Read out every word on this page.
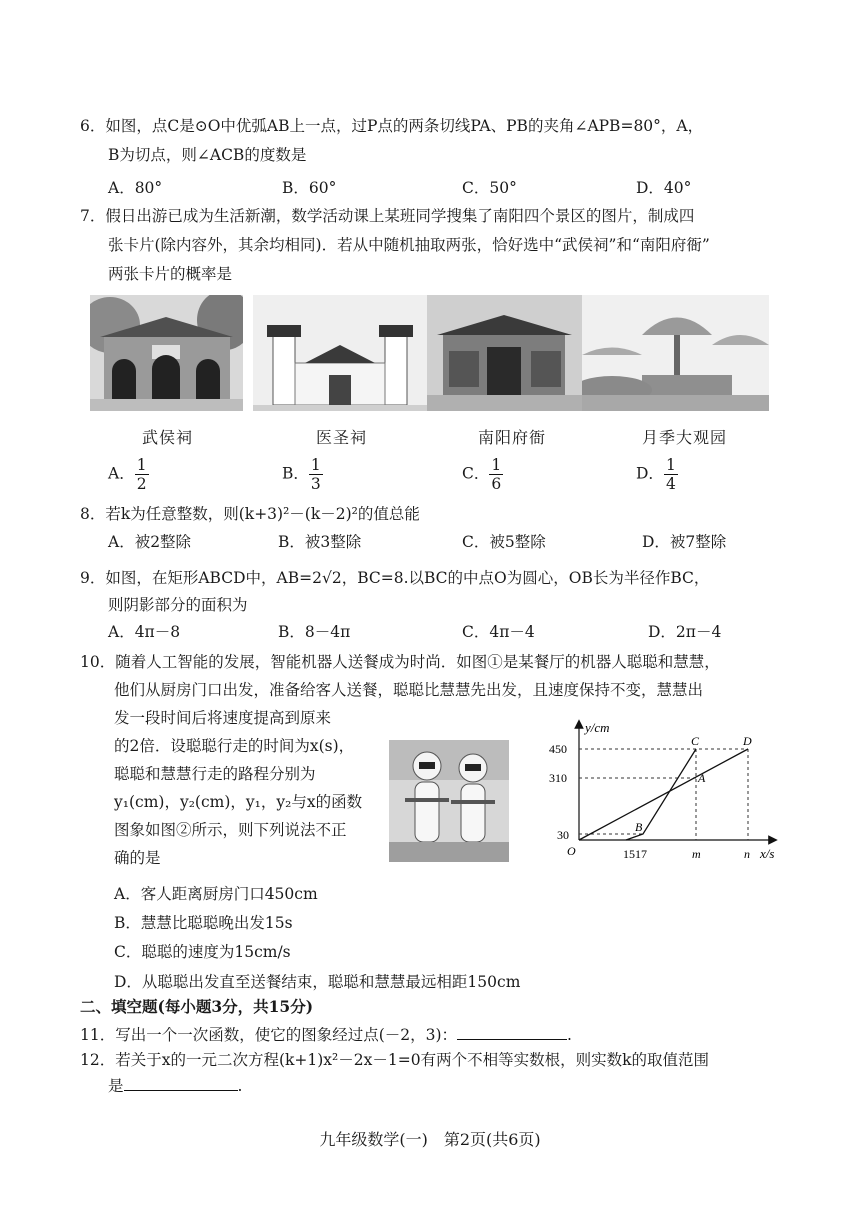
6．如图，点C是⊙O中优弧AB上一点，过P点的两条切线PA、PB的夹角∠APB=80°，A，
B为切点，则∠ACB的度数是
A．80°	B．60°	C．50°	D．40°
7．假日出游已成为生活新潮，数学活动课上某班同学搜集了南阳四个景区的图片，制成四
张卡片(除内容外，其余均相同)．若从中随机抽取两张，恰好选中“武侯祠”和“南阳府衙”
两张卡片的概率是
武侯祠	医圣祠	南阳府衙	月季大观园
A． $\frac{1}{2}$	B． $\frac{1}{3}$	C． $\frac{1}{6}$	D． $\frac{1}{4}$
8．若k为任意整数，则(k+3)²－(k－2)²的值总能
A．被2整除	B．被3整除	C．被5整除	D．被7整除
9．如图，在矩形ABCD中，AB=2√2，BC=8.以BC的中点O为圆心，OB长为半径作BC，
则阴影部分的面积为
A．4π－8	B．8－4π	C．4π－4	D．2π－4
10．随着人工智能的发展，智能机器人送餐成为时尚．如图①是某餐厅的机器人聪聪和慧慧，
他们从厨房门口出发，准备给客人送餐，聪聪比慧慧先出发，且速度保持不变，慧慧出
发一段时间后将速度提高到原来
的2倍．设聪聪行走的时间为x(s)，
聪聪和慧慧行走的路程分别为
y₁(cm)，y₂(cm)，y₁，y₂与x的函数
图象如图②所示，则下列说法不正
确的是
y/cm
x/s
450
310
30
O	1517	m	n
A
B
C	D
A．客人距离厨房门口450cm
B．慧慧比聪聪晚出发15s
C．聪聪的速度为15cm/s
D．从聪聪出发直至送餐结束，聪聪和慧慧最远相距150cm
二、填空题(每小题3分，共15分)
11．写出一个一次函数，使它的图象经过点(－2，3)：	.
12．若关于x的一元二次方程(k+1)x²－2x－1=0有两个不相等实数根，则实数k的取值范围
是	.
九年级数学(一)　第2页(共6页)
